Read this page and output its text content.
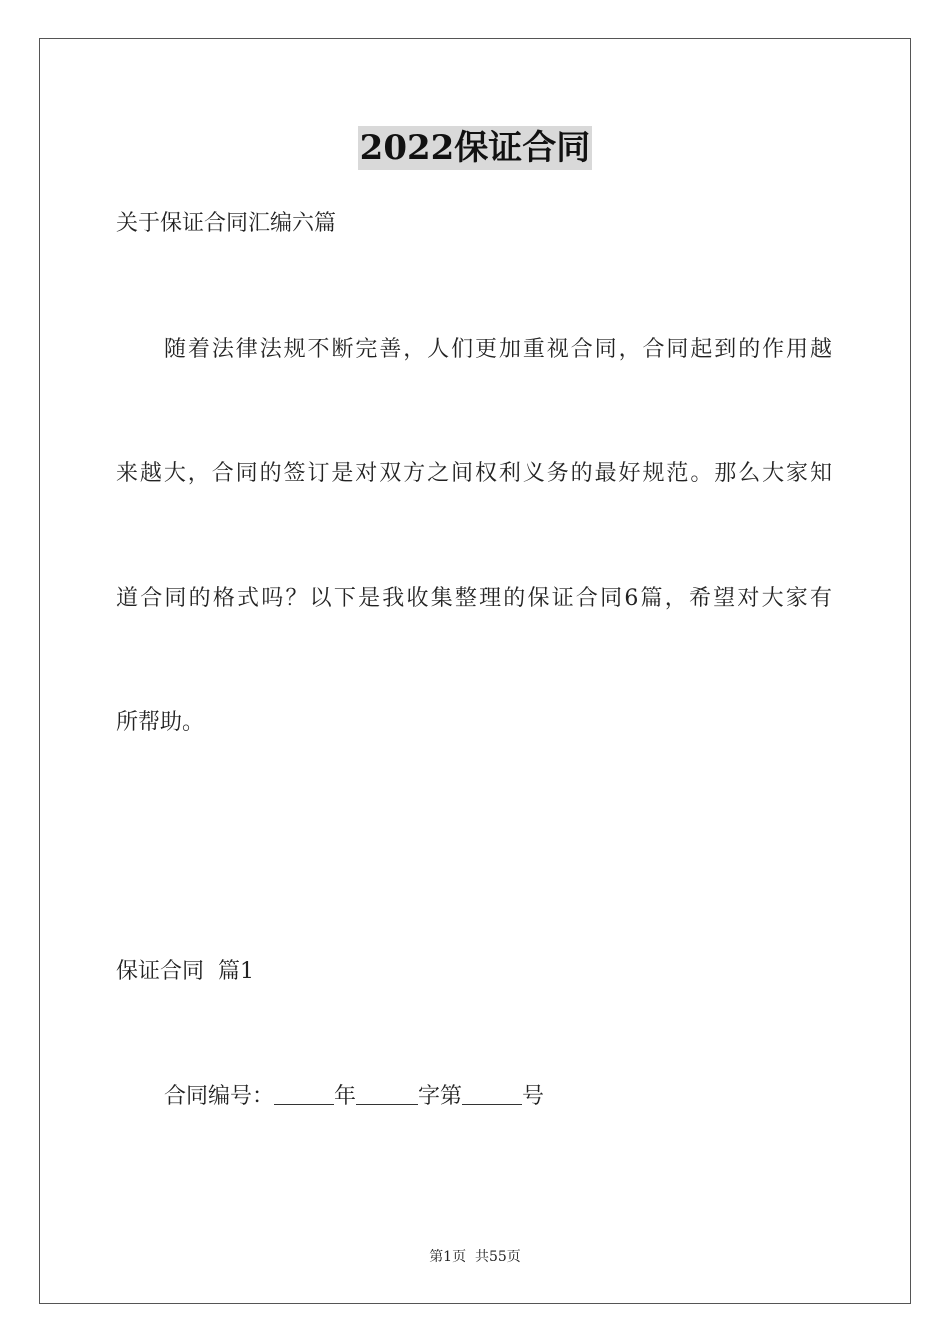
2022保证合同
关于保证合同汇编六篇
随着法律法规不断完善，人们更加重视合同，合同起到的作用越
来越大，合同的签订是对双方之间权利义务的最好规范。那么大家知
道合同的格式吗？以下是我收集整理的保证合同6篇，希望对大家有
所帮助。
保证合同  篇1
合同编号：	年	字第	号
第1页  共55页
